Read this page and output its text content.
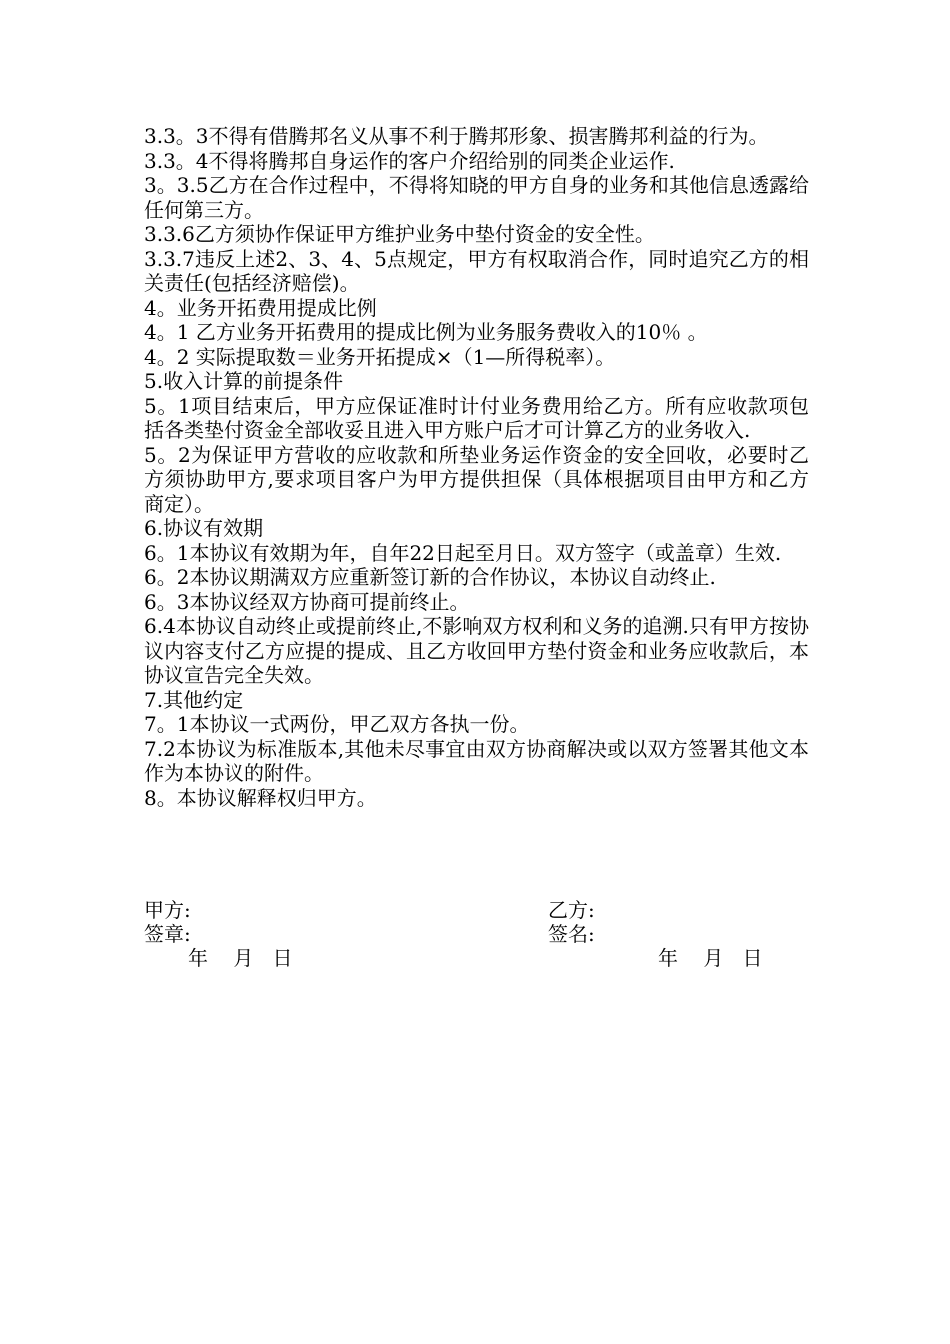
3.3。3不得有借腾邦名义从事不利于腾邦形象、损害腾邦利益的行为。

3.3。4不得将腾邦自身运作的客户介绍给别的同类企业运作.

3。3.5乙方在合作过程中，不得将知晓的甲方自身的业务和其他信息透露给任何第三方。

3.3.6乙方须协作保证甲方维护业务中垫付资金的安全性。

3.3.7违反上述2、3、4、5点规定，甲方有权取消合作，同时追究乙方的相关责任(包括经济赔偿)。

4。业务开拓费用提成比例

4。1 乙方业务开拓费用的提成比例为业务服务费收入的10％ 。

4。2 实际提取数＝业务开拓提成×（1—所得税率）。

5.收入计算的前提条件

5。1项目结束后，甲方应保证准时计付业务费用给乙方。所有应收款项包括各类垫付资金全部收妥且进入甲方账户后才可计算乙方的业务收入.

5。2为保证甲方营收的应收款和所垫业务运作资金的安全回收，必要时乙方须协助甲方,要求项目客户为甲方提供担保（具体根据项目由甲方和乙方商定）。

6.协议有效期

6。1本协议有效期为年，自年22日起至月日。双方签字（或盖章）生效.

6。2本协议期满双方应重新签订新的合作协议，本协议自动终止.

6。3本协议经双方协商可提前终止。

6.4本协议自动终止或提前终止,不影响双方权利和义务的追溯.只有甲方按协议内容支付乙方应提的提成、且乙方收回甲方垫付资金和业务应收款后，本协议宣告完全失效。

7.其他约定

7。1本协议一式两份，甲乙双方各执一份。

7.2本协议为标准版本,其他未尽事宜由双方协商解决或以双方签署其他文本作为本协议的附件。

8。本协议解释权归甲方。

甲方:	乙方:
签章:	签名:
年    月   日	年    月   日
